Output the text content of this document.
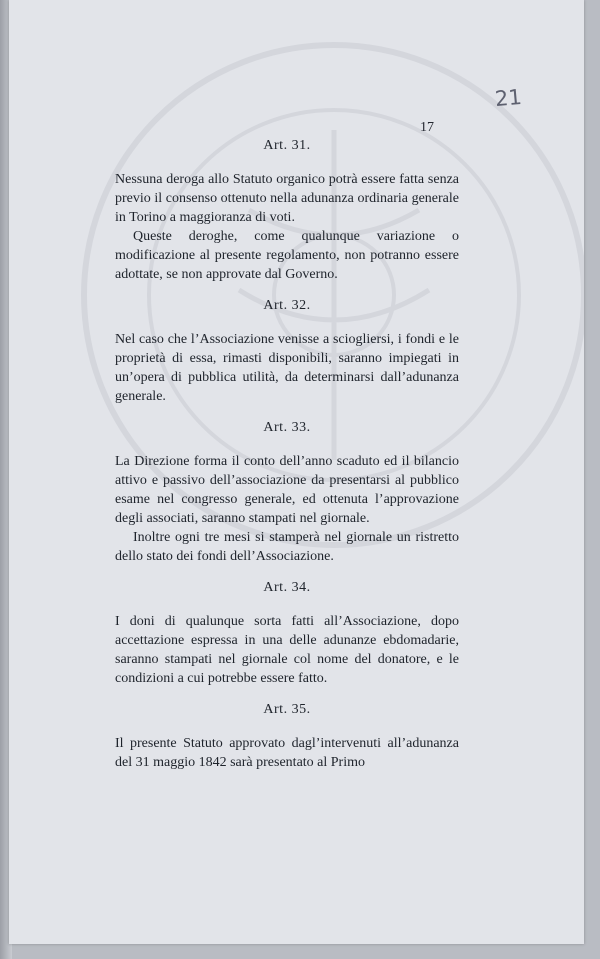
21
17
Art. 31.

Nessuna deroga allo Statuto organico potrà essere fatta senza previo il consenso ottenuto nella adunanza ordinaria generale in Torino a maggioranza di voti.

Queste deroghe, come qualunque variazione o modificazione al presente regolamento, non potranno essere adottate, se non approvate dal Governo.

Art. 32.

Nel caso che l’Associazione venisse a sciogliersi, i fondi e le proprietà di essa, rimasti disponibili, saranno impiegati in un’opera di pubblica utilità, da determinarsi dall’adunanza generale.

Art. 33.

La Direzione forma il conto dell’anno scaduto ed il bilancio attivo e passivo dell’associazione da presentarsi al pubblico esame nel congresso generale, ed ottenuta l’approvazione degli associati, saranno stampati nel giornale.

Inoltre ogni tre mesi si stamperà nel giornale un ristretto dello stato dei fondi dell’Associazione.

Art. 34.

I doni di qualunque sorta fatti all’Associazione, dopo accettazione espressa in una delle adunanze ebdomadarie, saranno stampati nel giornale col nome del donatore, e le condizioni a cui potrebbe essere fatto.

Art. 35.

Il presente Statuto approvato dagl’intervenuti all’adunanza del 31 maggio 1842 sarà presentato al Primo
